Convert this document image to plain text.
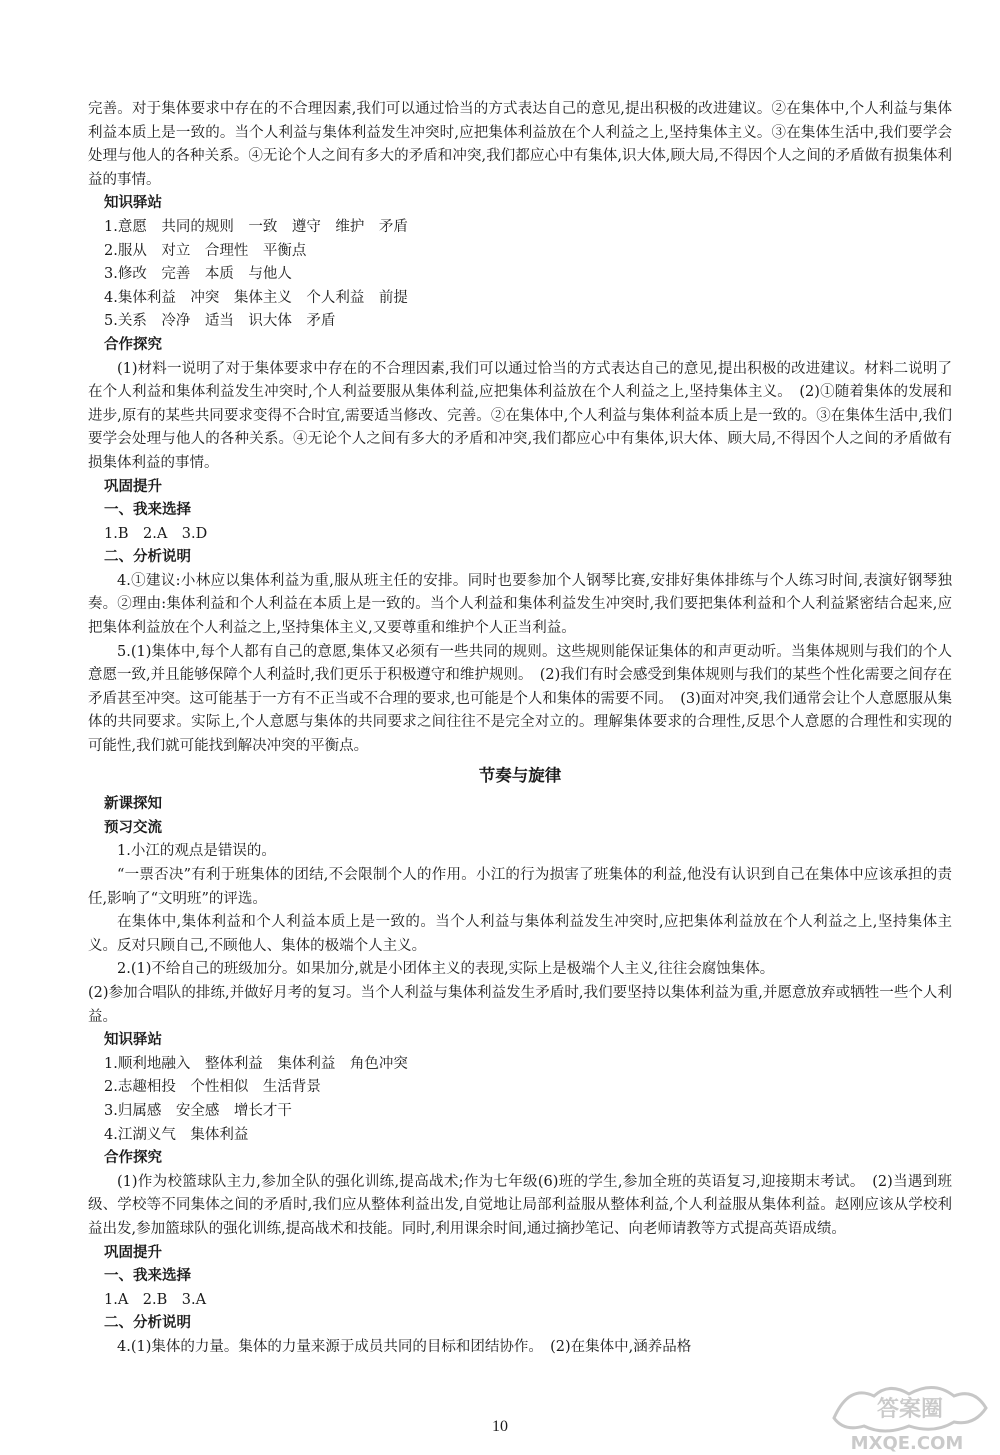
完善。对于集体要求中存在的不合理因素,我们可以通过恰当的方式表达自己的意见,提出积极的改进建议。②在集体中,个人利益与集体利益本质上是一致的。当个人利益与集体利益发生冲突时,应把集体利益放在个人利益之上,坚持集体主义。③在集体生活中,我们要学会处理与他人的各种关系。④无论个人之间有多大的矛盾和冲突,我们都应心中有集体,识大体,顾大局,不得因个人之间的矛盾做有损集体利益的事情。

知识驿站

1.意愿　共同的规则　一致　遵守　维护　矛盾

2.服从　对立　合理性　平衡点

3.修改　完善　本质　与他人

4.集体利益　冲突　集体主义　个人利益　前提

5.关系　冷净　适当　识大体　矛盾

合作探究

(1)材料一说明了对于集体要求中存在的不合理因素,我们可以通过恰当的方式表达自己的意见,提出积极的改进建议。材料二说明了在个人利益和集体利益发生冲突时,个人利益要服从集体利益,应把集体利益放在个人利益之上,坚持集体主义。　(2)①随着集体的发展和进步,原有的某些共同要求变得不合时宜,需要适当修改、完善。②在集体中,个人利益与集体利益本质上是一致的。③在集体生活中,我们要学会处理与他人的各种关系。④无论个人之间有多大的矛盾和冲突,我们都应心中有集体,识大体、顾大局,不得因个人之间的矛盾做有损集体利益的事情。

巩固提升

一、我来选择

1.B　2.A　3.D

二、分析说明

4.①建议:小林应以集体利益为重,服从班主任的安排。同时也要参加个人钢琴比赛,安排好集体排练与个人练习时间,表演好钢琴独奏。②理由:集体利益和个人利益在本质上是一致的。当个人利益和集体利益发生冲突时,我们要把集体利益和个人利益紧密结合起来,应把集体利益放在个人利益之上,坚持集体主义,又要尊重和维护个人正当利益。

5.(1)集体中,每个人都有自己的意愿,集体又必须有一些共同的规则。这些规则能保证集体的和声更动听。当集体规则与我们的个人意愿一致,并且能够保障个人利益时,我们更乐于积极遵守和维护规则。　(2)我们有时会感受到集体规则与我们的某些个性化需要之间存在矛盾甚至冲突。这可能基于一方有不正当或不合理的要求,也可能是个人和集体的需要不同。　(3)面对冲突,我们通常会让个人意愿服从集体的共同要求。实际上,个人意愿与集体的共同要求之间往往不是完全对立的。理解集体要求的合理性,反思个人意愿的合理性和实现的可能性,我们就可能找到解决冲突的平衡点。

节奏与旋律

新课探知

预习交流

1.小江的观点是错误的。

“一票否决”有利于班集体的团结,不会限制个人的作用。小江的行为损害了班集体的利益,他没有认识到自己在集体中应该承担的责任,影响了“文明班”的评选。

在集体中,集体利益和个人利益本质上是一致的。当个人利益与集体利益发生冲突时,应把集体利益放在个人利益之上,坚持集体主义。反对只顾自己,不顾他人、集体的极端个人主义。

2.(1)不给自己的班级加分。如果加分,就是小团体主义的表现,实际上是极端个人主义,往往会腐蚀集体。

(2)参加合唱队的排练,并做好月考的复习。当个人利益与集体利益发生矛盾时,我们要坚持以集体利益为重,并愿意放弃或牺牲一些个人利益。

知识驿站

1.顺利地融入　整体利益　集体利益　角色冲突

2.志趣相投　个性相似　生活背景

3.归属感　安全感　增长才干

4.江湖义气　集体利益

合作探究

(1)作为校篮球队主力,参加全队的强化训练,提高战术;作为七年级(6)班的学生,参加全班的英语复习,迎接期末考试。　(2)当遇到班级、学校等不同集体之间的矛盾时,我们应从整体利益出发,自觉地让局部利益服从整体利益,个人利益服从集体利益。赵刚应该从学校利益出发,参加篮球队的强化训练,提高战术和技能。同时,利用课余时间,通过摘抄笔记、向老师请教等方式提高英语成绩。

巩固提升

一、我来选择

1.A　2.B　3.A

二、分析说明

4.(1)集体的力量。集体的力量来源于成员共同的目标和团结协作。　(2)在集体中,涵养品格

10
答案圈
MXQE.COM
